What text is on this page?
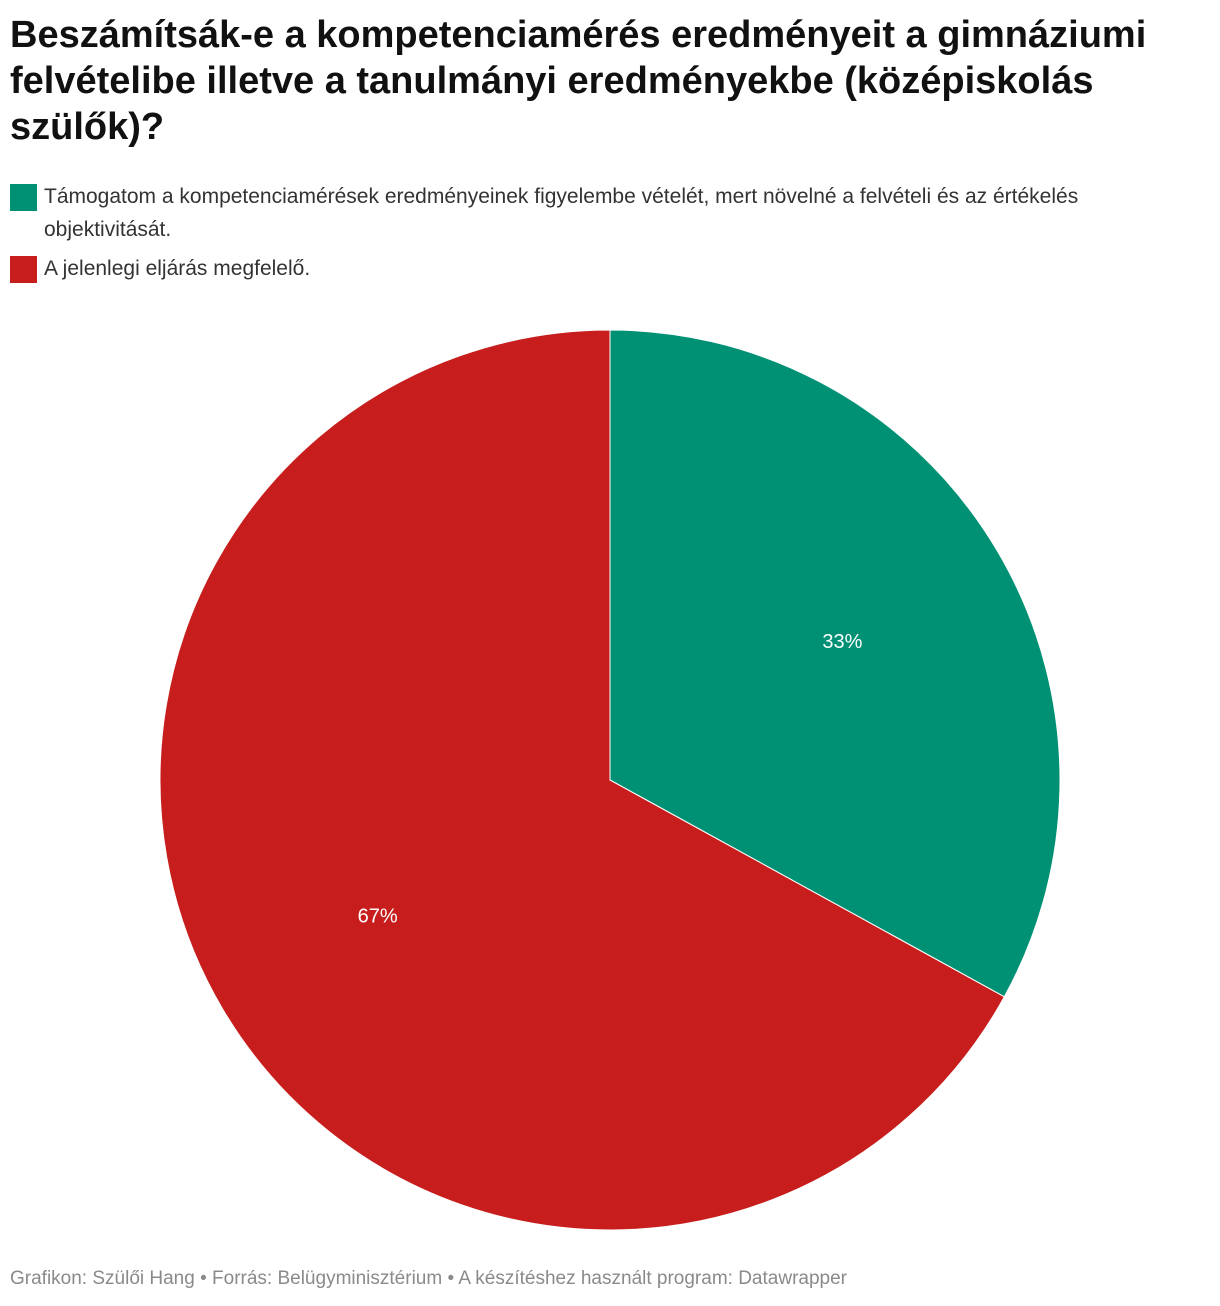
Beszámítsák-e a kompetenciamérés eredményeit a gimnáziumi felvételibe illetve a tanulmányi eredményekbe (középiskolás szülők)?
Támogatom a kompetenciamérések eredményeinek figyelembe vételét, mert növelné a felvételi és az értékelés objektivitását.
A jelenlegi eljárás megfelelő.
33%
67%
Grafikon: Szülői Hang • Forrás: Belügyminisztérium • A készítéshez használt program: Datawrapper
